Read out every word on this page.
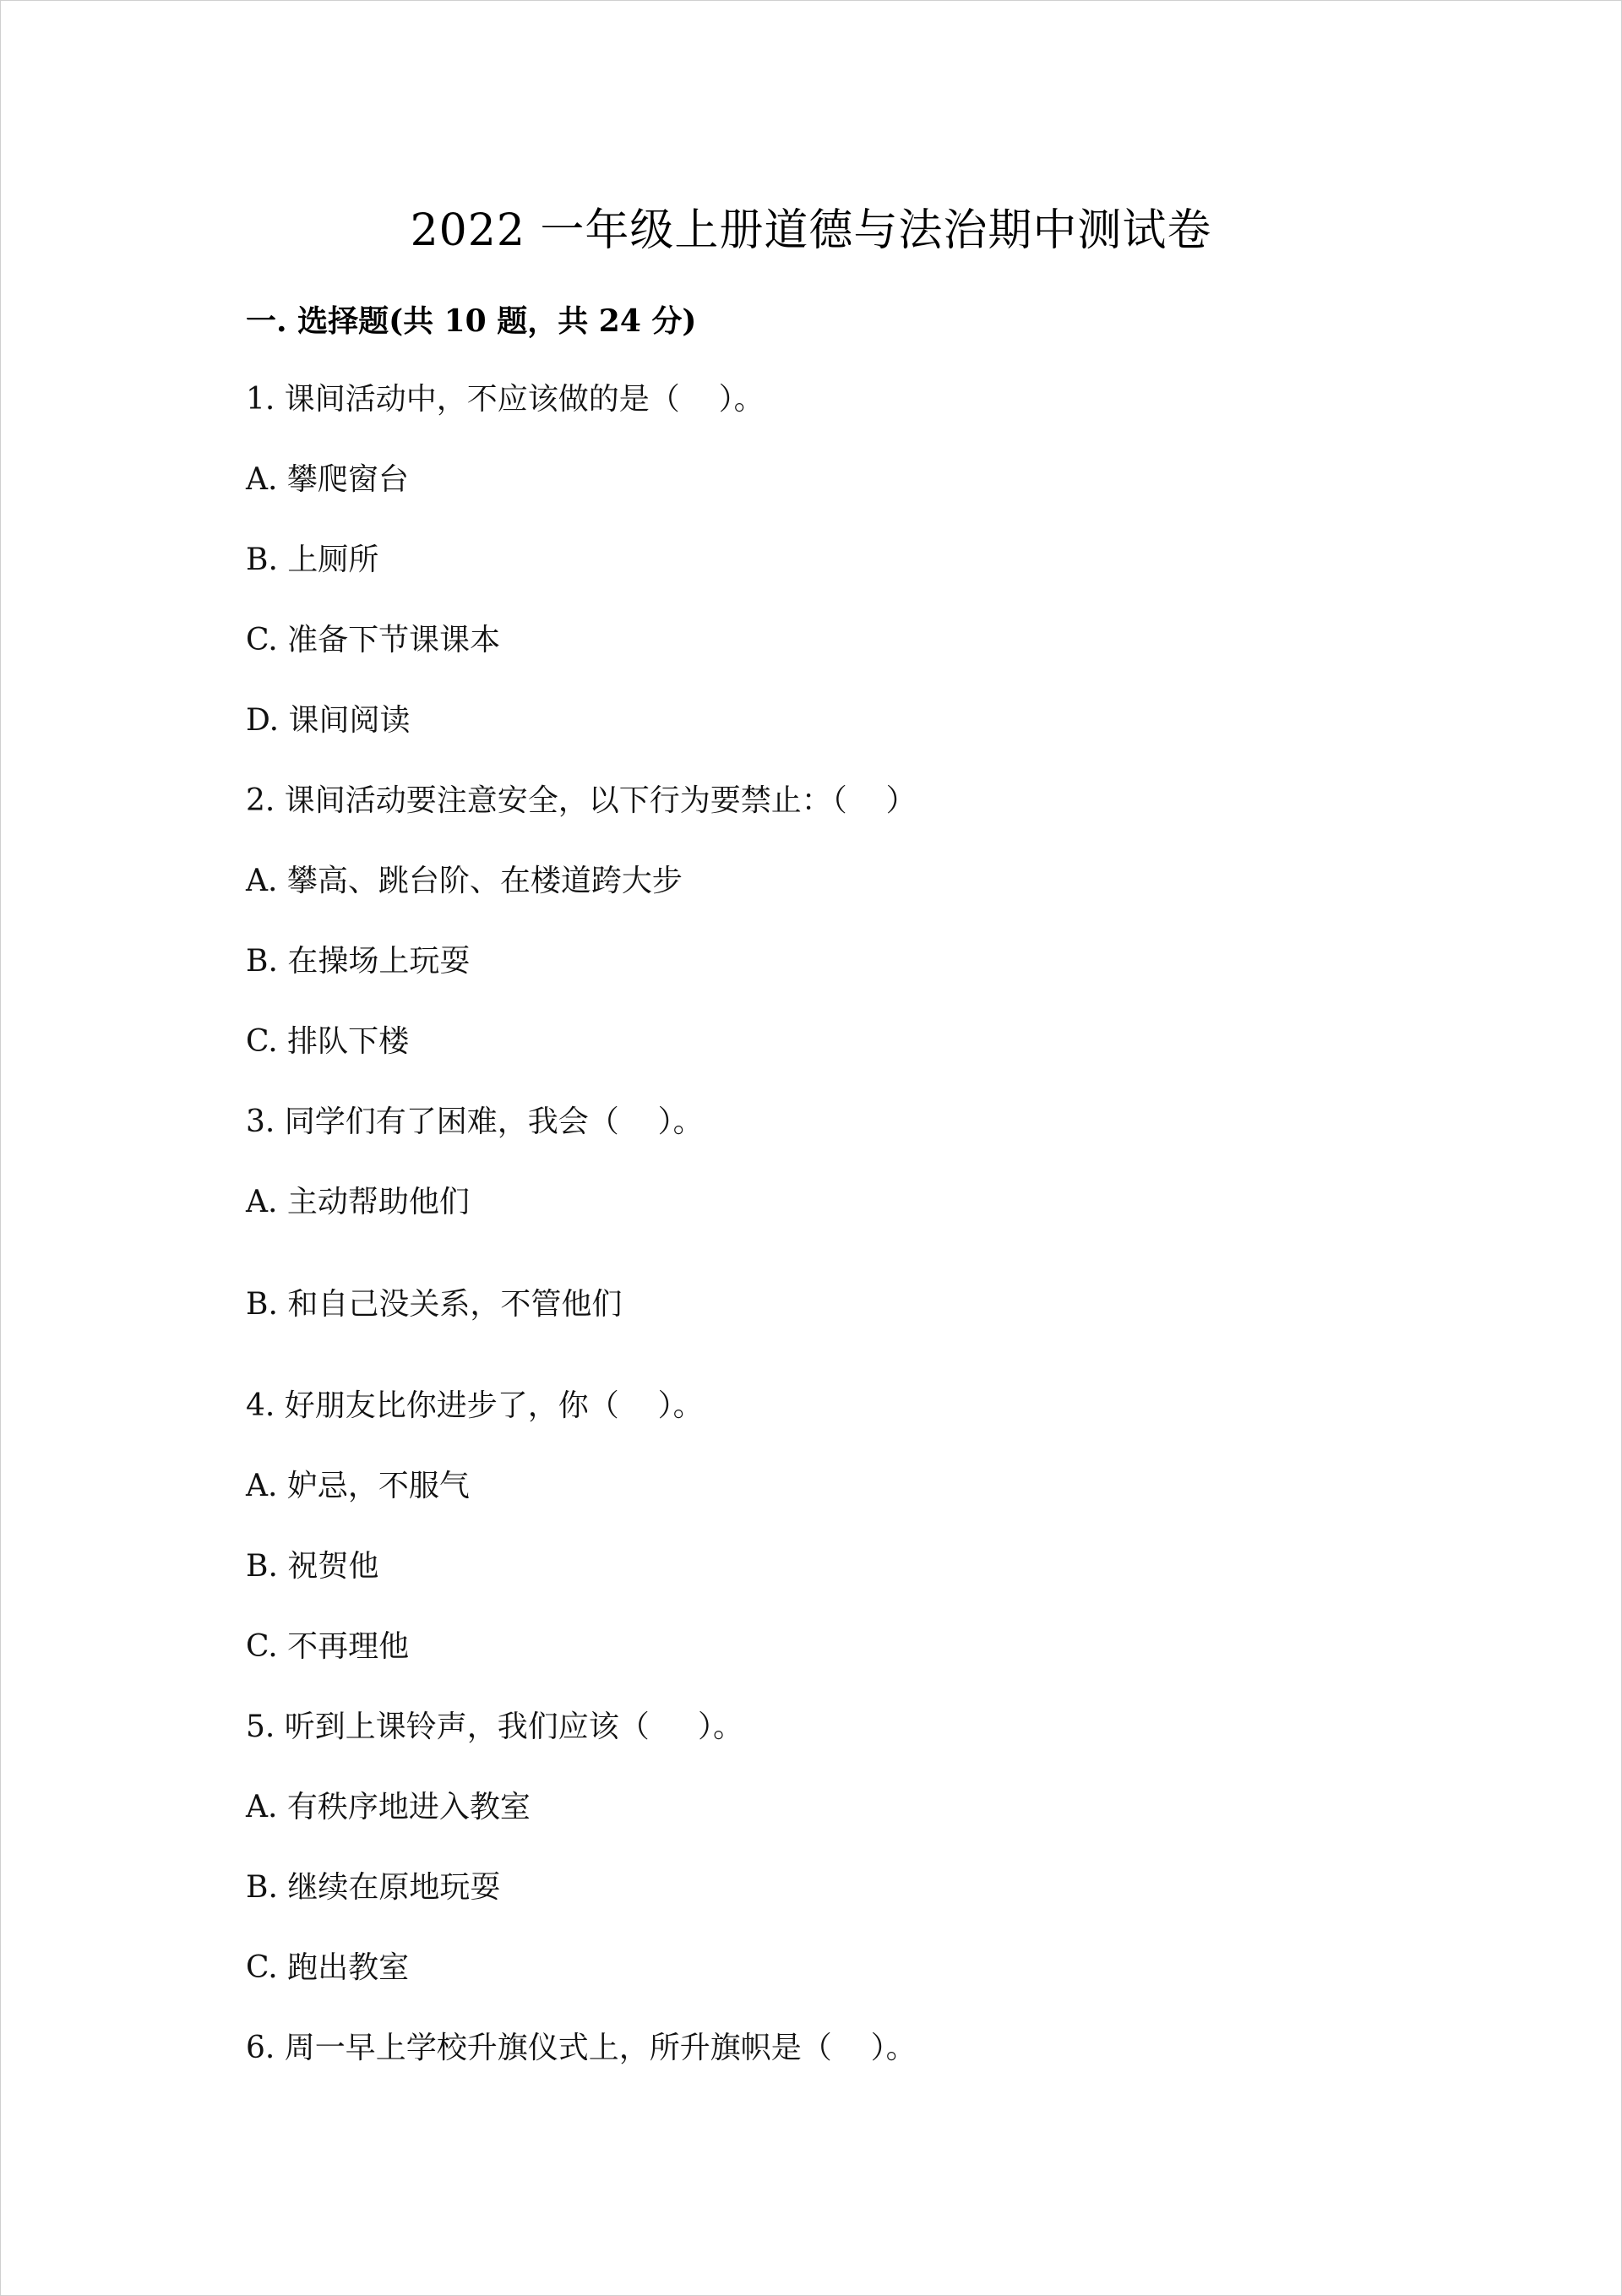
2022 一年级上册道德与法治期中测试卷
一. 选择题(共 10 题，共 24 分)
1. 课间活动中，不应该做的是（    ）。
A. 攀爬窗台
B. 上厕所
C. 准备下节课课本
D. 课间阅读
2. 课间活动要注意安全，以下行为要禁止：（    ）
A. 攀高、跳台阶、在楼道跨大步
B. 在操场上玩耍
C. 排队下楼
3. 同学们有了困难，我会（    ）。
A. 主动帮助他们
B. 和自己没关系，不管他们
4. 好朋友比你进步了，你（    ）。
A. 妒忌，不服气
B. 祝贺他
C. 不再理他
5. 听到上课铃声，我们应该（     ）。
A. 有秩序地进入教室
B. 继续在原地玩耍
C. 跑出教室
6. 周一早上学校升旗仪式上，所升旗帜是（    ）。
